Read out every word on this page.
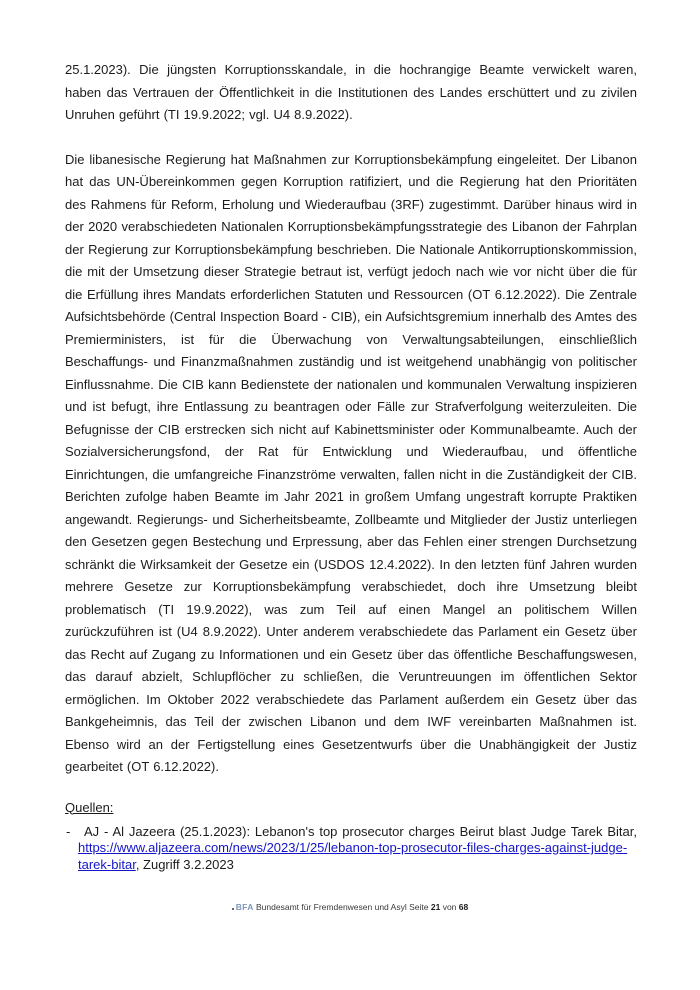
25.1.2023). Die jüngsten Korruptionsskandale, in die hochrangige Beamte verwickelt waren, haben das Vertrauen der Öffentlichkeit in die Institutionen des Landes erschüttert und zu zivilen Unruhen geführt (TI 19.9.2022; vgl. U4 8.9.2022).

Die libanesische Regierung hat Maßnahmen zur Korruptionsbekämpfung eingeleitet. Der Libanon hat das UN-Übereinkommen gegen Korruption ratifiziert, und die Regierung hat den Prioritäten des Rahmens für Reform, Erholung und Wiederaufbau (3RF) zugestimmt. Darüber hinaus wird in der 2020 verabschiedeten Nationalen Korruptionsbekämpfungsstrategie des Libanon der Fahrplan der Regierung zur Korruptionsbekämpfung beschrieben. Die Nationale Antikorruptionskommission, die mit der Umsetzung dieser Strategie betraut ist, verfügt jedoch nach wie vor nicht über die für die Erfüllung ihres Mandats erforderlichen Statuten und Ressourcen (OT 6.12.2022). Die Zentrale Aufsichtsbehörde (Central Inspection Board - CIB), ein Aufsichtsgremium innerhalb des Amtes des Premierministers, ist für die Überwachung von Verwaltungsabteilungen, einschließlich Beschaffungs- und Finanzmaßnahmen zuständig und ist weitgehend unabhängig von politischer Einflussnahme. Die CIB kann Bedienstete der nationalen und kommunalen Verwaltung inspizieren und ist befugt, ihre Entlassung zu beantragen oder Fälle zur Strafverfolgung weiterzuleiten. Die Befugnisse der CIB erstrecken sich nicht auf Kabinettsminister oder Kommunalbeamte. Auch der Sozialversicherungsfond, der Rat für Entwicklung und Wiederaufbau, und öffentliche Einrichtungen, die umfangreiche Finanzströme verwalten, fallen nicht in die Zuständigkeit der CIB. Berichten zufolge haben Beamte im Jahr 2021 in großem Umfang ungestraft korrupte Praktiken angewandt. Regierungs- und Sicherheitsbeamte, Zollbeamte und Mitglieder der Justiz unterliegen den Gesetzen gegen Bestechung und Erpressung, aber das Fehlen einer strengen Durchsetzung schränkt die Wirksamkeit der Gesetze ein (USDOS 12.4.2022). In den letzten fünf Jahren wurden mehrere Gesetze zur Korruptionsbekämpfung verabschiedet, doch ihre Umsetzung bleibt problematisch (TI 19.9.2022), was zum Teil auf einen Mangel an politischem Willen zurückzuführen ist (U4 8.9.2022). Unter anderem verabschiedete das Parlament ein Gesetz über das Recht auf Zugang zu Informationen und ein Gesetz über das öffentliche Beschaffungswesen, das darauf abzielt, Schlupflöcher zu schließen, die Veruntreuungen im öffentlichen Sektor ermöglichen. Im Oktober 2022 verabschiedete das Parlament außerdem ein Gesetz über das Bankgeheimnis, das Teil der zwischen Libanon und dem IWF vereinbarten Maßnahmen ist. Ebenso wird an der Fertigstellung eines Gesetzentwurfs über die Unabhängigkeit der Justiz gearbeitet (OT 6.12.2022).

Quellen:

-	AJ - Al Jazeera (25.1.2023): Lebanon's top prosecutor charges Beirut blast Judge Tarek Bitar, https://www.aljazeera.com/news/2023/1/25/lebanon-top-prosecutor-files-charges-against-judge-tarek-bitar, Zugriff 3.2.2023
BFA Bundesamt für Fremdenwesen und Asyl Seite 21 von 68
